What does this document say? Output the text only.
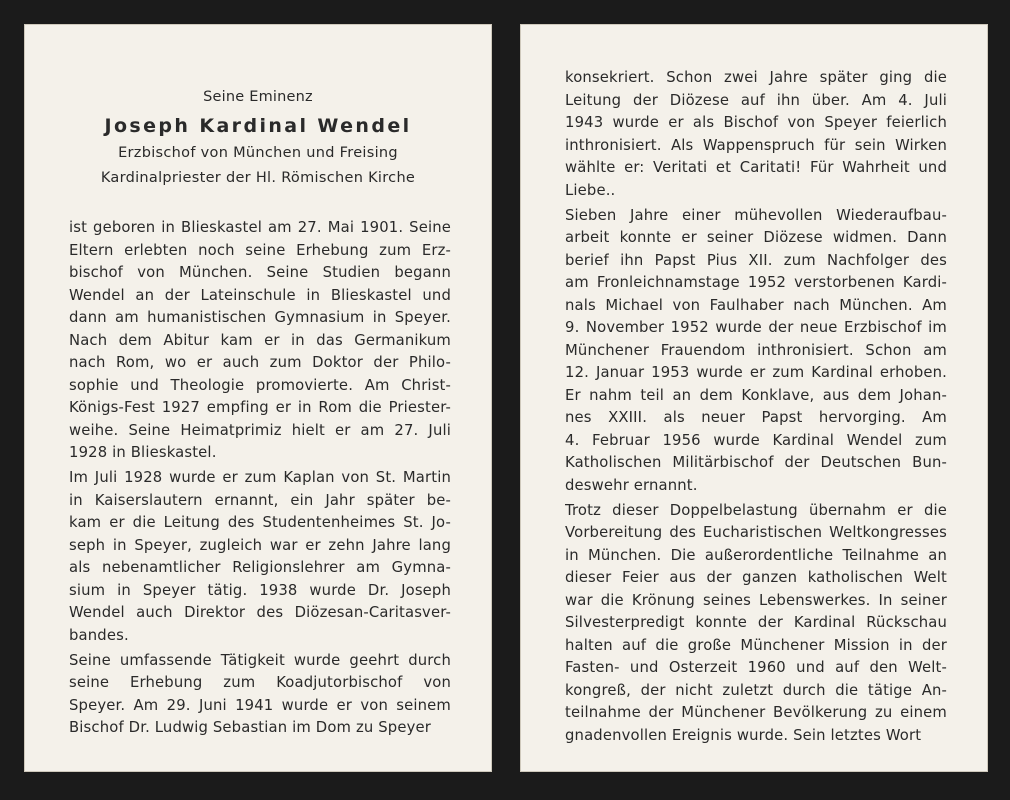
Seine Eminenz
Joseph Kardinal Wendel
Erzbischof von München und Freising
Kardinalpriester der Hl. Römischen Kirche
ist geboren in Blieskastel am 27. Mai 1901. Seine
Eltern erlebten noch seine Erhebung zum Erz-
bischof von München. Seine Studien begann
Wendel an der Lateinschule in Blieskastel und
dann am humanistischen Gymnasium in Speyer.
Nach dem Abitur kam er in das Germanikum
nach Rom, wo er auch zum Doktor der Philo-
sophie und Theologie promovierte. Am Christ-
Königs-Fest 1927 empfing er in Rom die Priester-
weihe. Seine Heimatprimiz hielt er am 27. Juli
1928 in Blieskastel.
Im Juli 1928 wurde er zum Kaplan von St. Martin
in Kaiserslautern ernannt, ein Jahr später be-
kam er die Leitung des Studentenheimes St. Jo-
seph in Speyer, zugleich war er zehn Jahre lang
als nebenamtlicher Religionslehrer am Gymna-
sium in Speyer tätig. 1938 wurde Dr. Joseph
Wendel auch Direktor des Diözesan-Caritasver-
bandes.
Seine umfassende Tätigkeit wurde geehrt durch
seine Erhebung zum Koadjutorbischof von
Speyer. Am 29. Juni 1941 wurde er von seinem
Bischof Dr. Ludwig Sebastian im Dom zu Speyer
konsekriert. Schon zwei Jahre später ging die
Leitung der Diözese auf ihn über. Am 4. Juli
1943 wurde er als Bischof von Speyer feierlich
inthronisiert. Als Wappenspruch für sein Wirken
wählte er: Veritati et Caritati! Für Wahrheit und
Liebe..
Sieben Jahre einer mühevollen Wiederaufbau-
arbeit konnte er seiner Diözese widmen. Dann
berief ihn Papst Pius XII. zum Nachfolger des
am Fronleichnamstage 1952 verstorbenen Kardi-
nals Michael von Faulhaber nach München. Am
9. November 1952 wurde der neue Erzbischof im
Münchener Frauendom inthronisiert. Schon am
12. Januar 1953 wurde er zum Kardinal erhoben.
Er nahm teil an dem Konklave, aus dem Johan-
nes XXIII. als neuer Papst hervorging. Am
4. Februar 1956 wurde Kardinal Wendel zum
Katholischen Militärbischof der Deutschen Bun-
deswehr ernannt.
Trotz dieser Doppelbelastung übernahm er die
Vorbereitung des Eucharistischen Weltkongresses
in München. Die außerordentliche Teilnahme an
dieser Feier aus der ganzen katholischen Welt
war die Krönung seines Lebenswerkes. In seiner
Silvesterpredigt konnte der Kardinal Rückschau
halten auf die große Münchener Mission in der
Fasten- und Osterzeit 1960 und auf den Welt-
kongreß, der nicht zuletzt durch die tätige An-
teilnahme der Münchener Bevölkerung zu einem
gnadenvollen Ereignis wurde. Sein letztes Wort
